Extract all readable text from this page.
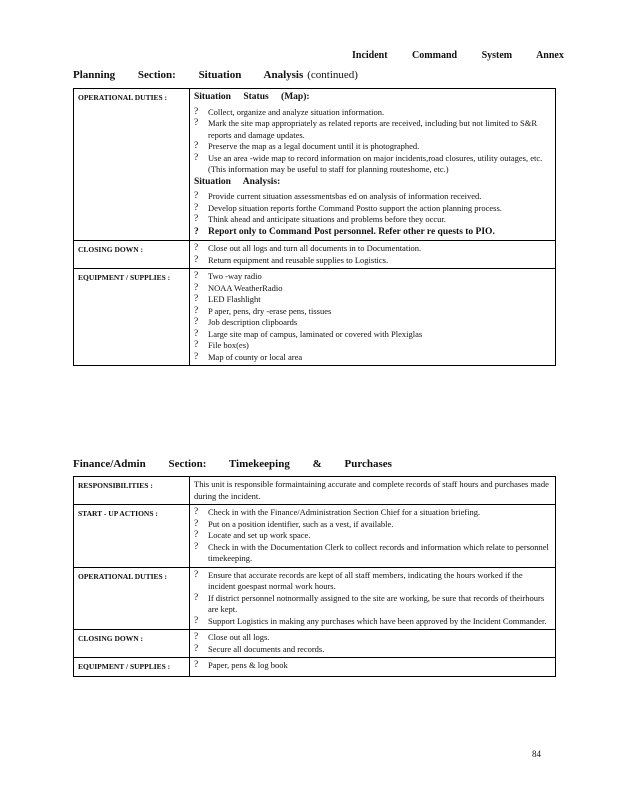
Incident Command System Annex
Planning Section: Situation Analysis (continued)
OPERATIONAL DUTIES :	Situation Status (Map):
?	Collect, organize and analyze situation information.
?	Mark the site map appropriately as related reports are received, including but not limited to S&R reports and damage updates.
?	Preserve the map as a legal document until it is photographed.
?	Use an area -wide map to record information on major incidents,road closures, utility outages, etc. (This information may be useful to staff for planning routeshome, etc.)
Situation Analysis:
?	Provide current situation assessmentsbas ed on analysis of information received.
?	Develop situation reports forthe Command Postto support the action planning process.
?	Think ahead and anticipate situations and problems before they occur.
? Report only to Command Post personnel. Refer other re quests to PIO.
CLOSING DOWN :	?	Close out all logs and turn all documents in to Documentation.
?	Return equipment and reusable supplies to Logistics.
EQUIPMENT / SUPPLIES :	?	Two -way radio
?	NOAA WeatherRadio
?	LED Flashlight
?	P aper, pens, dry -erase pens, tissues
?	Job description clipboards
?	Large site map of campus, laminated or covered with Plexiglas
?	File box(es)
?	Map of county or local area
Finance/Admin Section: Timekeeping & Purchases
RESPONSIBILITIES :	This unit is responsible formaintaining accurate and complete records of staff hours and purchases made during the incident.
START - UP ACTIONS :	?	Check in with the Finance/Administration Section Chief for a situation briefing.
?	Put on a position identifier, such as a vest, if available.
?	Locate and set up work space.
?	Check in with the Documentation Clerk to collect records and information which relate to personnel timekeeping.
OPERATIONAL DUTIES :	?	Ensure that accurate records are kept of all staff members, indicating the hours worked if the incident goespast normal work hours.
?	If district personnel notnormally assigned to the site are working, be sure that records of theirhours are kept.
?	Support Logistics in making any purchases which have been approved by the Incident Commander.
CLOSING DOWN :	?	Close out all logs.
?	Secure all documents and records.
EQUIPMENT / SUPPLIES :	?	Paper, pens & log book
84
